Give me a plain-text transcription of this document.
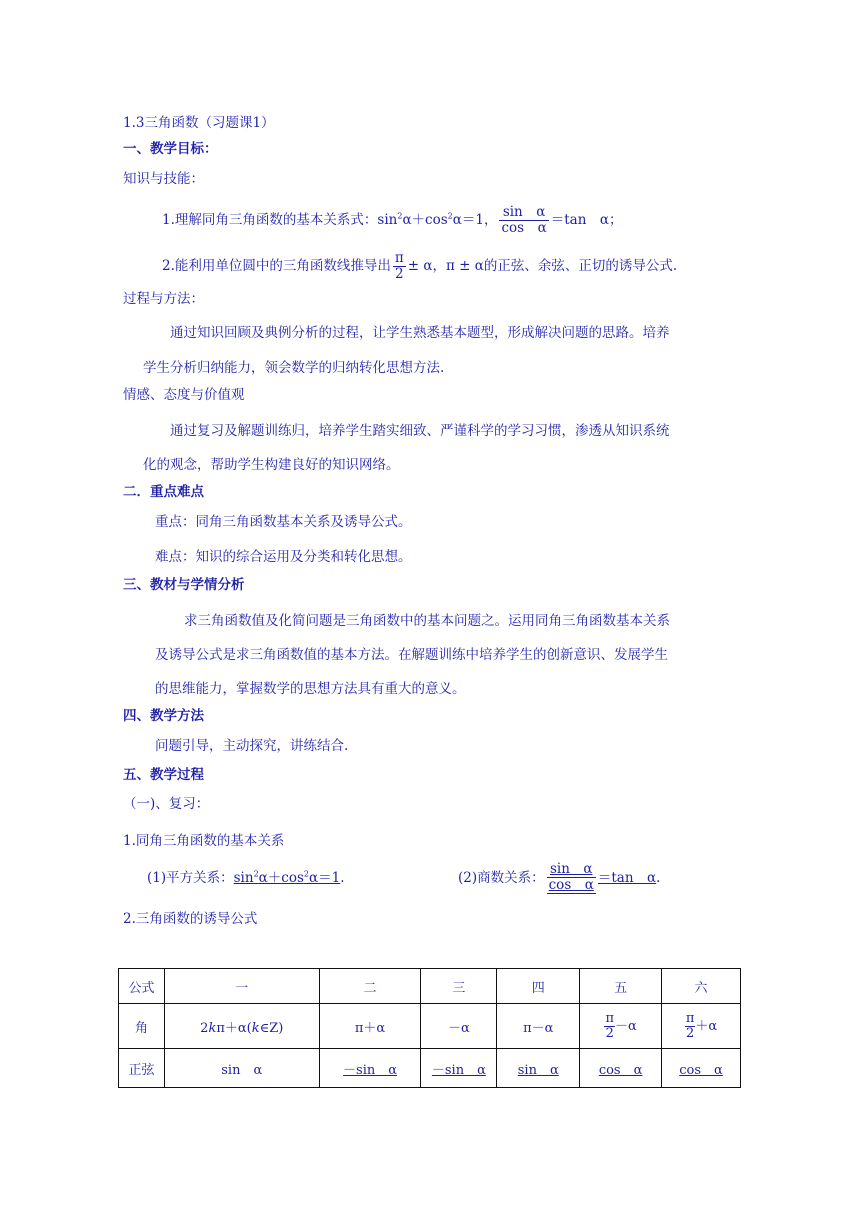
1.3三角函数（习题课1）
一、教学目标：
知识与技能：
1.理解同角三角函数的基本关系式： $\sin^2\alpha+\cos^2\alpha=1$， $\frac{\text{sin　α}}{\text{cos　α}} =\tan$　α；
2.能利用单位圆中的三角函数线推导出 $\frac{\pi}{2} \pm \alpha$，π ± α的正弦、余弦、正切的诱导公式.
过程与方法：
通过知识回顾及典例分析的过程，让学生熟悉基本题型，形成解决问题的思路。培养
学生分析归纳能力，领会数学的归纳转化思想方法.
情感、态度与价值观
通过复习及解题训练归，培养学生踏实细致、严谨科学的学习习惯，渗透从知识系统
化的观念，帮助学生构建良好的知识网络。
二．重点难点
重点：同角三角函数基本关系及诱导公式。
难点：知识的综合运用及分类和转化思想。
三、教材与学情分析
求三角函数值及化简问题是三角函数中的基本问题之。运用同角三角函数基本关系
及诱导公式是求三角函数值的基本方法。在解题训练中培养学生的创新意识、发展学生
的思维能力，掌握数学的思想方法具有重大的意义。
四、教学方法
问题引导，主动探究，讲练结合.
五、教学过程
（一)、复习：
1.同角三角函数的基本关系
(1)平方关系： $\sin^2\alpha+\cos^2\alpha=1$ .	(2)商数关系： $\frac{\text{sin　α}}{\text{cos　α}} =\tan$　α .
2.三角函数的诱导公式
公式	一	二	三	四	五	六
角	2kπ＋α(k∈Z)	π＋α	－α	π－α	$\frac{\pi}{2} -\alpha$	$\frac{\pi}{2} +\alpha$
正弦	sin　α	－sin　α	－sin　α	sin　α	cos　α	cos　α
